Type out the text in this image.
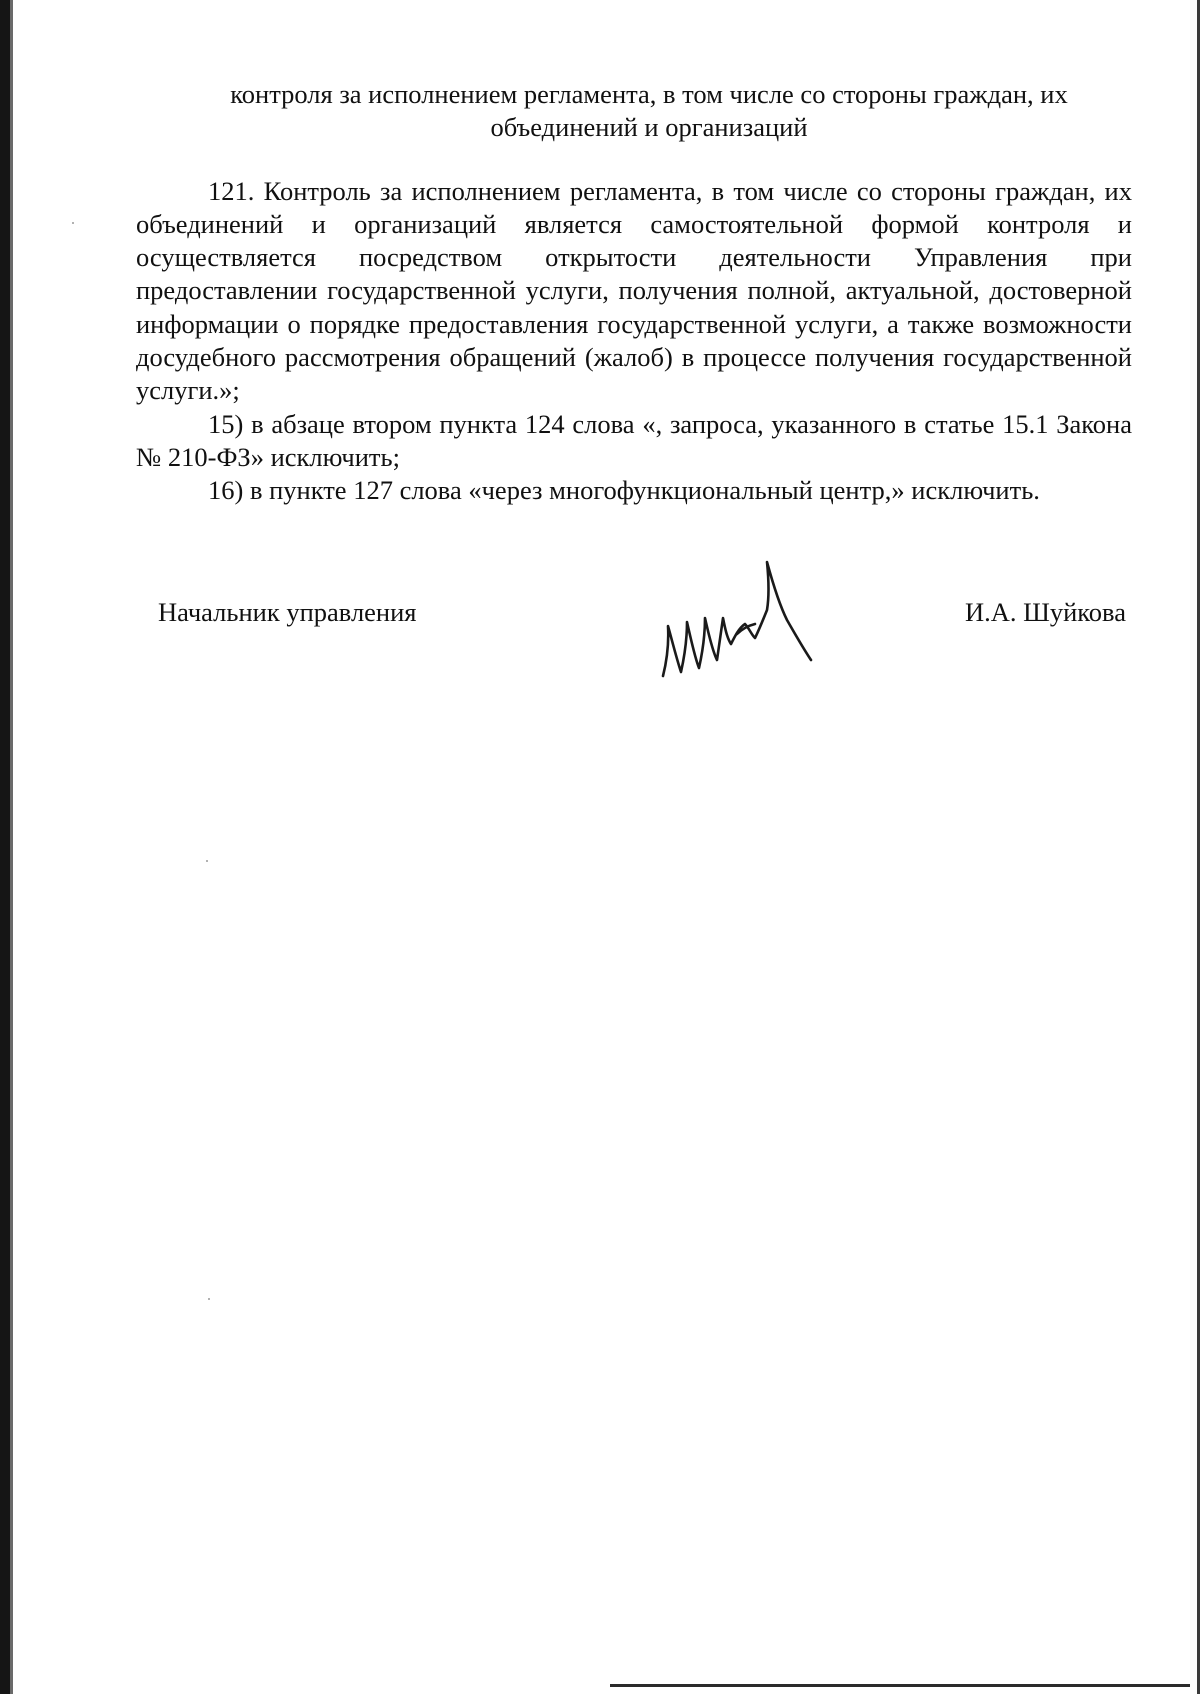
контроля за исполнением регламента, в том числе со стороны граждан, их
объединений и организаций

121. Контроль за исполнением регламента, в том числе со стороны граждан, их объединений и организаций является самостоятельной формой контроля и осуществляется посредством открытости деятельности Управления при предоставлении государственной услуги, получения полной, актуальной, достоверной информации о порядке предоставления государственной услуги, а также возможности досудебного рассмотрения обращений (жалоб) в процессе получения государственной услуги.»;

15) в абзаце втором пункта 124 слова «, запроса, указанного в статье 15.1 Закона № 210-ФЗ» исключить;

16) в пункте 127 слова «через многофункциональный центр,» исключить.

Начальник управления	И.А. Шуйкова
